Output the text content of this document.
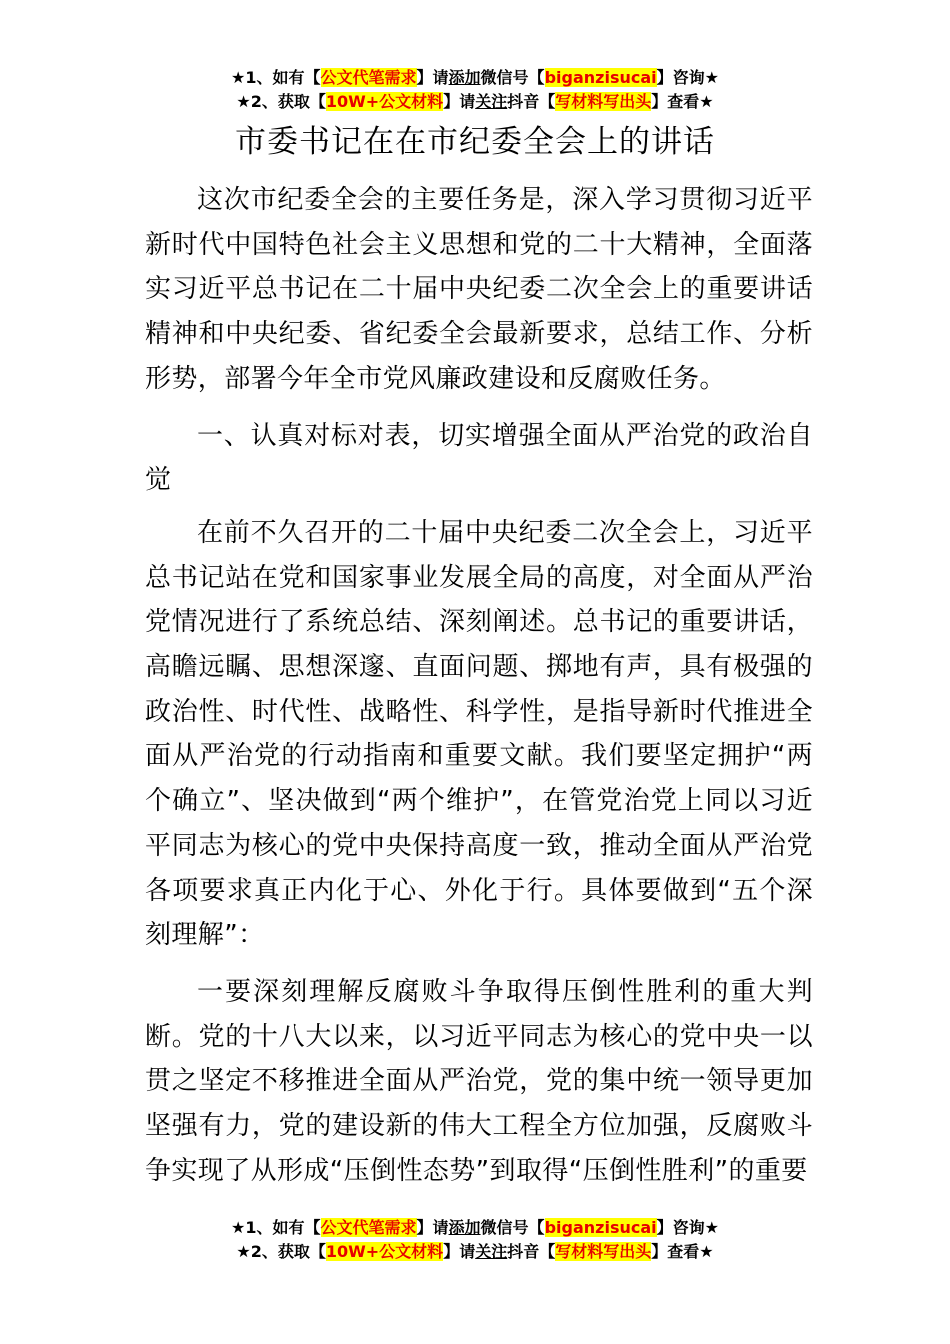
★1、如有【公文代笔需求】请添加微信号【biganzisucai】咨询★
★2、获取【10W+公文材料】请关注抖音【写材料写出头】查看★
市委书记在在市纪委全会上的讲话

这次市纪委全会的主要任务是，深入学习贯彻习近平新时代中国特色社会主义思想和党的二十大精神，全面落实习近平总书记在二十届中央纪委二次全会上的重要讲话精神和中央纪委、省纪委全会最新要求，总结工作、分析形势，部署今年全市党风廉政建设和反腐败任务。

一、认真对标对表，切实增强全面从严治党的政治自觉

在前不久召开的二十届中央纪委二次全会上，习近平总书记站在党和国家事业发展全局的高度，对全面从严治党情况进行了系统总结、深刻阐述。总书记的重要讲话，高瞻远瞩、思想深邃、直面问题、掷地有声，具有极强的政治性、时代性、战略性、科学性，是指导新时代推进全面从严治党的行动指南和重要文献。我们要坚定拥护“两个确立”、坚决做到“两个维护”，在管党治党上同以习近平同志为核心的党中央保持高度一致，推动全面从严治党各项要求真正内化于心、外化于行。具体要做到“五个深刻理解”：

一要深刻理解反腐败斗争取得压倒性胜利的重大判断。党的十八大以来，以习近平同志为核心的党中央一以贯之坚定不移推进全面从严治党，党的集中统一领导更加坚强有力，党的建设新的伟大工程全方位加强，反腐败斗争实现了从形成“压倒性态势”到取得“压倒性胜利”的重要

★1、如有【公文代笔需求】请添加微信号【biganzisucai】咨询★
★2、获取【10W+公文材料】请关注抖音【写材料写出头】查看★
